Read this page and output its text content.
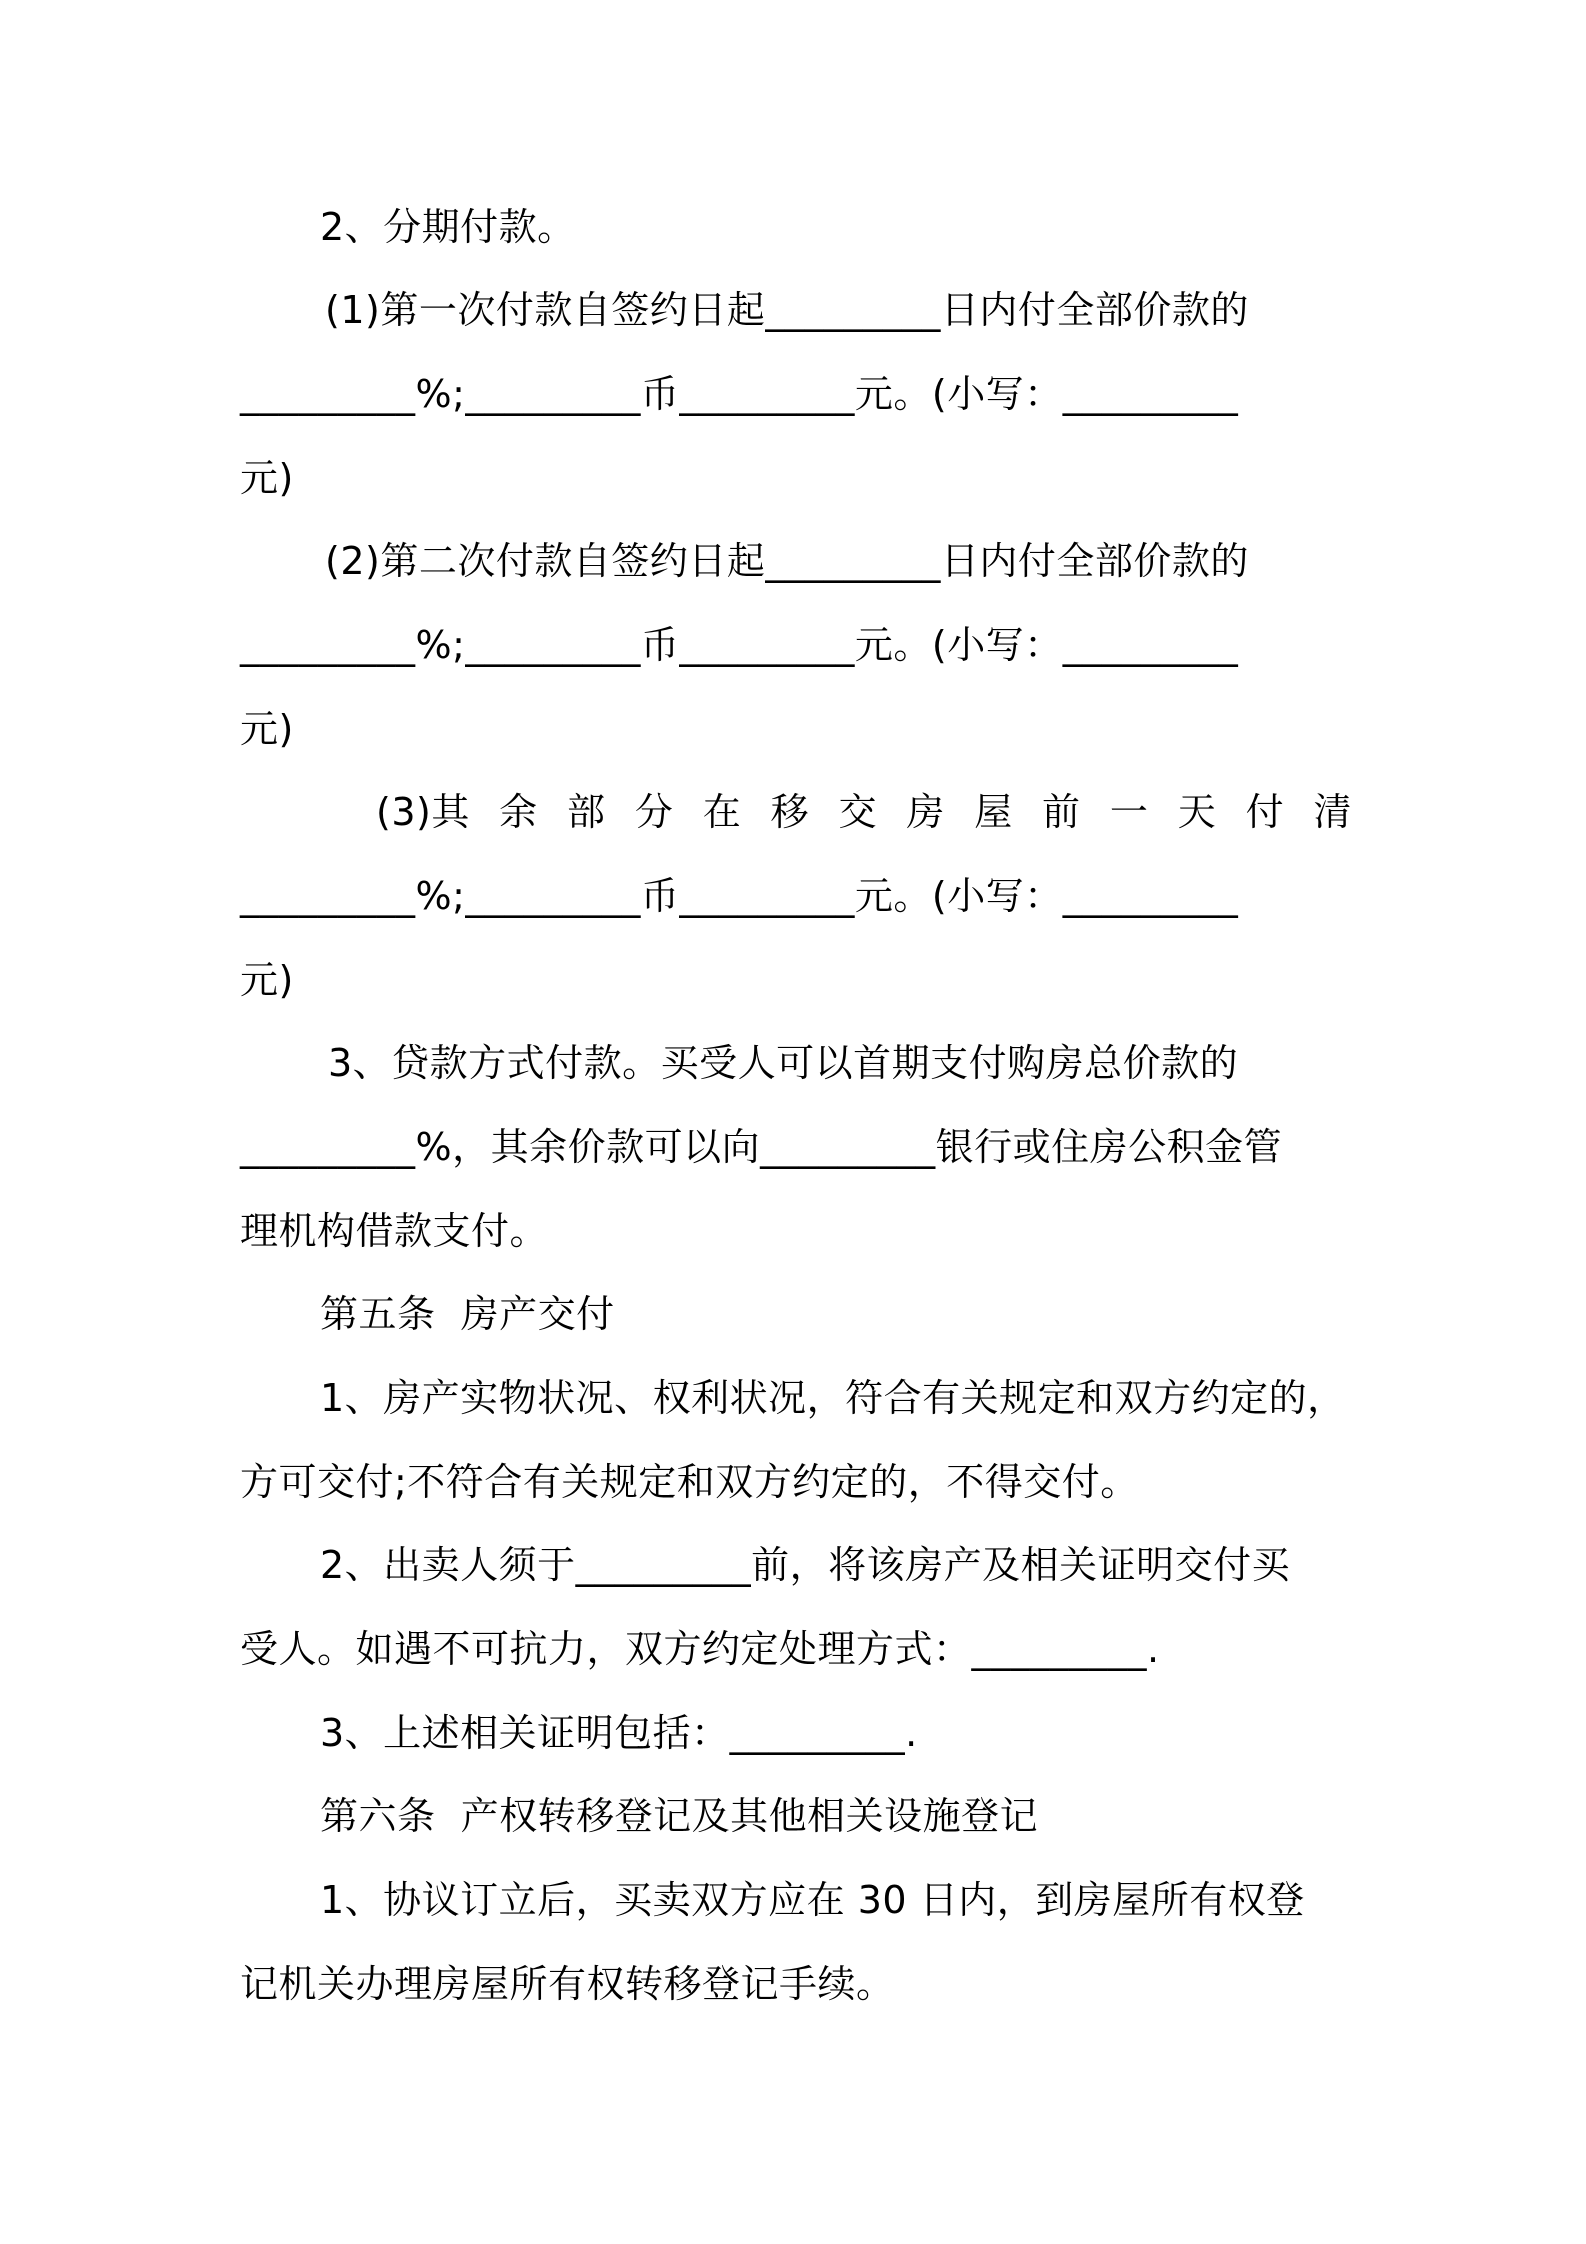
2、分期付款。
(1)第一次付款自签约日起_________日内付全部价款的
_________%;_________币_________元。(小写：_________
元)
(2)第二次付款自签约日起_________日内付全部价款的
_________%;_________币_________元。(小写：_________
元)
(3)其 余 部 分 在 移 交 房 屋 前 一 天 付 清
_________%;_________币_________元。(小写：_________
元)
3、贷款方式付款。买受人可以首期支付购房总价款的
_________%，其余价款可以向_________银行或住房公积金管
理机构借款支付。
第五条  房产交付
1、房产实物状况、权利状况，符合有关规定和双方约定的，
方可交付;不符合有关规定和双方约定的，不得交付。
2、出卖人须于_________前，将该房产及相关证明交付买
受人。如遇不可抗力，双方约定处理方式：_________.
3、上述相关证明包括：_________.
第六条  产权转移登记及其他相关设施登记
1、协议订立后，买卖双方应在 30 日内，到房屋所有权登
记机关办理房屋所有权转移登记手续。
